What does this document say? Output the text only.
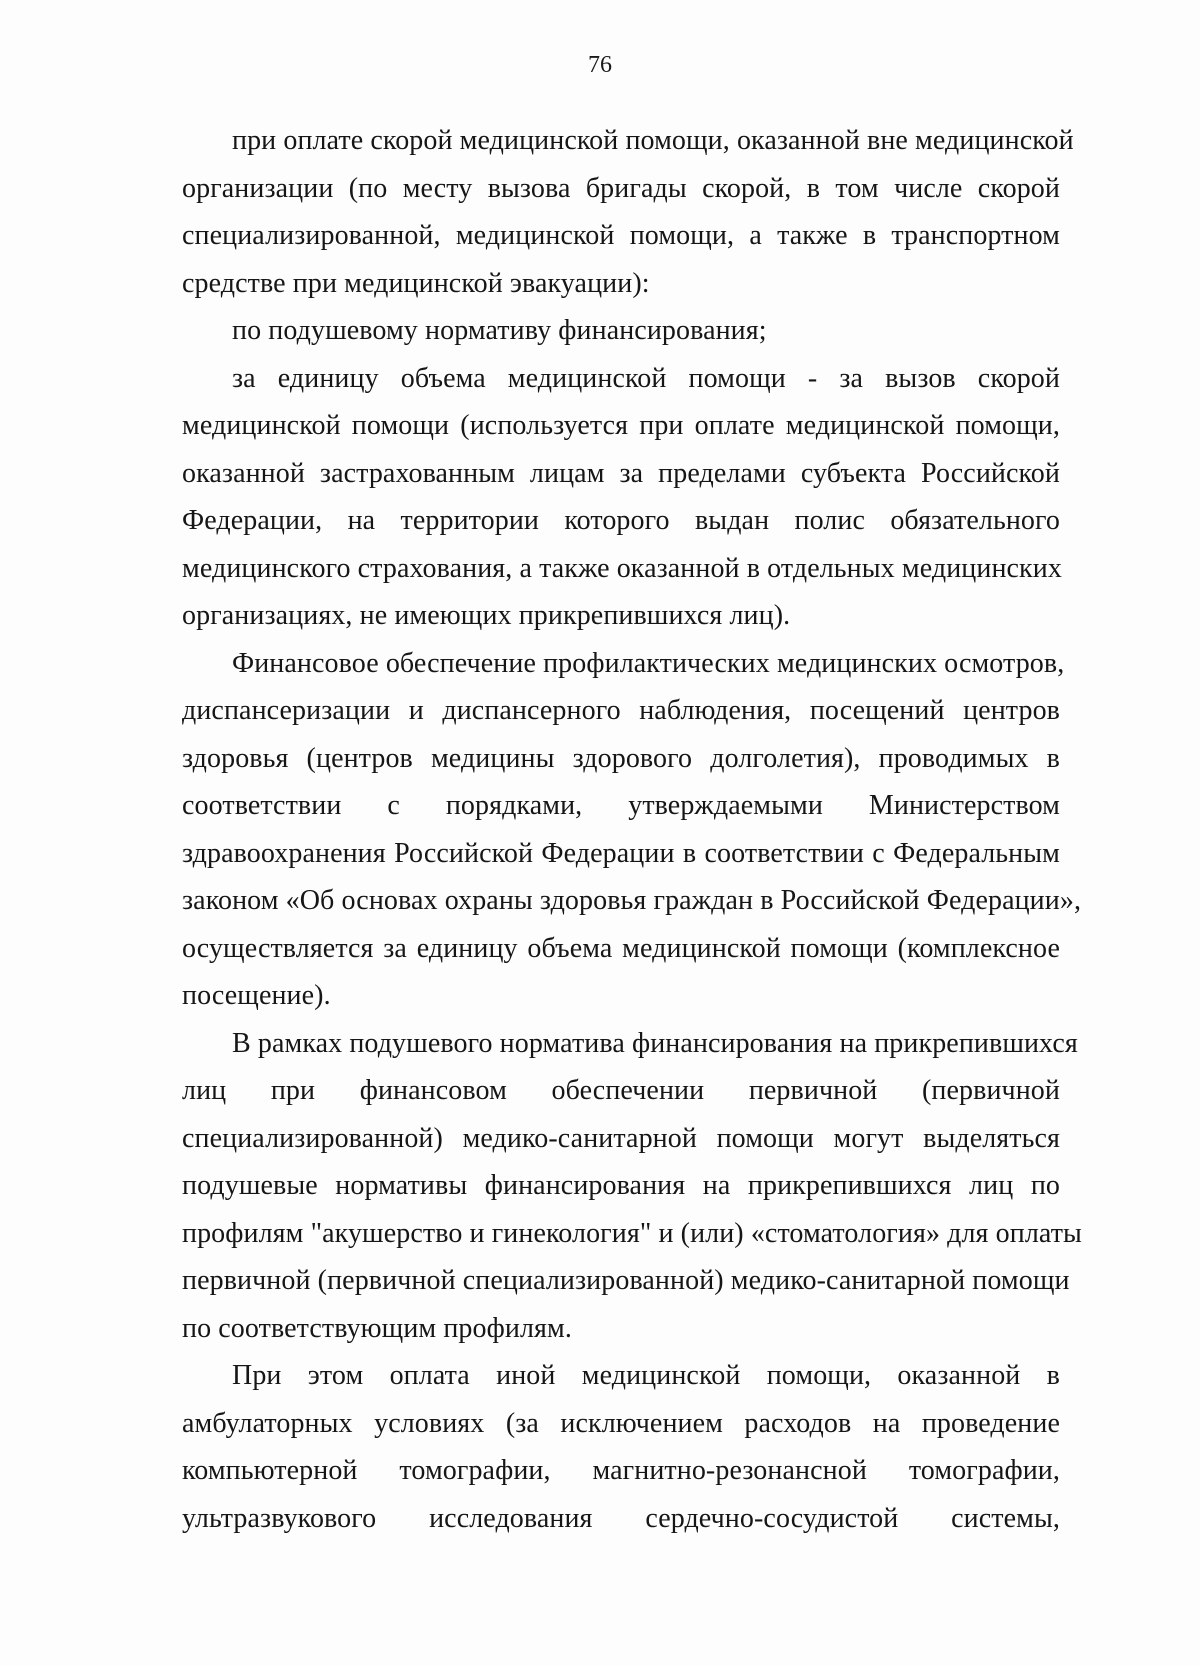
76
при оплате скорой медицинской помощи, оказанной вне медицинской
организации (по месту вызова бригады скорой, в том числе скорой
специализированной, медицинской помощи, а также в транспортном
средстве при медицинской эвакуации):
по подушевому нормативу финансирования;
за единицу объема медицинской помощи - за вызов скорой
медицинской помощи (используется при оплате медицинской помощи,
оказанной застрахованным лицам за пределами субъекта Российской
Федерации, на территории которого выдан полис обязательного
медицинского страхования, а также оказанной в отдельных медицинских
организациях, не имеющих прикрепившихся лиц).
Финансовое обеспечение профилактических медицинских осмотров,
диспансеризации и диспансерного наблюдения, посещений центров
здоровья (центров медицины здорового долголетия), проводимых в
соответствии с порядками, утверждаемыми Министерством
здравоохранения Российской Федерации в соответствии с Федеральным
законом «Об основах охраны здоровья граждан в Российской Федерации»,
осуществляется за единицу объема медицинской помощи (комплексное
посещение).
В рамках подушевого норматива финансирования на прикрепившихся
лиц при финансовом обеспечении первичной (первичной
специализированной) медико-санитарной помощи могут выделяться
подушевые нормативы финансирования на прикрепившихся лиц по
профилям "акушерство и гинекология" и (или) «стоматология» для оплаты
первичной (первичной специализированной) медико-санитарной помощи
по соответствующим профилям.
При этом оплата иной медицинской помощи, оказанной в
амбулаторных условиях (за исключением расходов на проведение
компьютерной томографии, магнитно-резонансной томографии,
ультразвукового исследования сердечно-сосудистой системы,
